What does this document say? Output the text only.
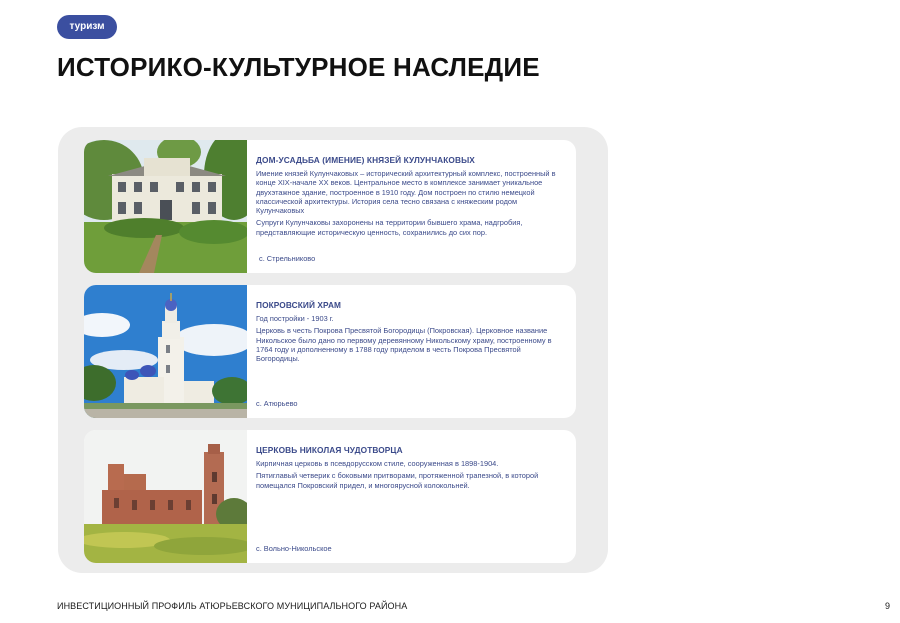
туризм
ИСТОРИКО-КУЛЬТУРНОЕ НАСЛЕДИЕ
ДОМ-УСАДЬБА (ИМЕНИЕ) КНЯЗЕЙ КУЛУНЧАКОВЫХ

Имение князей Кулунчаковых – исторический архитектурный комплекс, построенный в конце XIX-начале XX веков. Центральное место в комплексе занимает уникальное двухэтажное здание, построенное в 1910 году. Дом построен по стилю немецкой классической архитектуры. История села тесно связана с княжеским родом Кулунчаковых

Супруги Кулунчаковы захоронены на территории бывшего храма, надгробия, представляющие историческую ценность, сохранились до сих пор.

с. Стрельниково
ПОКРОВСКИЙ ХРАМ

Год постройки - 1903 г.

Церковь в честь Покрова Пресвятой Богородицы (Покровская). Церковное название Никольское было дано по первому деревянному Никольскому храму, построенному в 1764 году и дополненному в 1788 году приделом в честь Покрова Пресвятой Богородицы.

с. Атюрьево
ЦЕРКОВЬ НИКОЛАЯ ЧУДОТВОРЦА

Кирпичная церковь в псевдорусском стиле, сооруженная в 1898-1904.

Пятиглавый четверик с боковыми притворами, протяженной трапезной, в которой помещался Покровский придел, и многоярусной колокольней.

с. Вольно-Никольское
ИНВЕСТИЦИОННЫЙ ПРОФИЛЬ АТЮРЬЕВСКОГО МУНИЦИПАЛЬНОГО РАЙОНА	9
